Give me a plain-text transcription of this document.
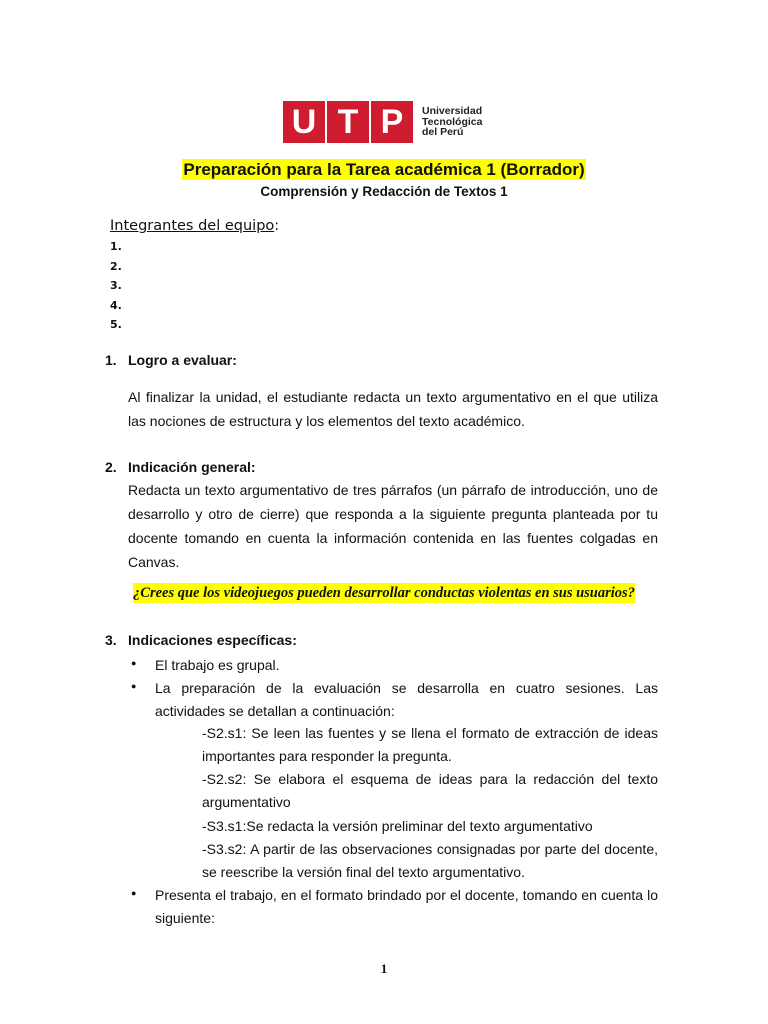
U T P	Universidad
Tecnológica
del Perú
Preparación para la Tarea académica 1 (Borrador)
Comprensión y Redacción de Textos 1
Integrantes del equipo:
1.
2.
3.
4.
5.
1. Logro a evaluar:
Al finalizar la unidad, el estudiante redacta un texto argumentativo en el que utiliza las nociones de estructura y los elementos del texto académico.
2. Indicación general:
Redacta un texto argumentativo de tres párrafos (un párrafo de introducción, uno de desarrollo y otro de cierre) que responda a la siguiente pregunta planteada por tu docente tomando en cuenta la información contenida en las fuentes colgadas en Canvas.
¿Crees que los videojuegos pueden desarrollar conductas violentas en sus usuarios?
3. Indicaciones específicas:
● El trabajo es grupal.
● La preparación de la evaluación se desarrolla en cuatro sesiones. Las actividades se detallan a continuación:
-S2.s1: Se leen las fuentes y se llena el formato de extracción de ideas importantes para responder la pregunta.
-S2.s2: Se elabora el esquema de ideas para la redacción del texto argumentativo
-S3.s1:Se redacta la versión preliminar del texto argumentativo
-S3.s2: A partir de las observaciones consignadas por parte del docente, se reescribe la versión final del texto argumentativo.
● Presenta el trabajo, en el formato brindado por el docente, tomando en cuenta lo siguiente:
1
